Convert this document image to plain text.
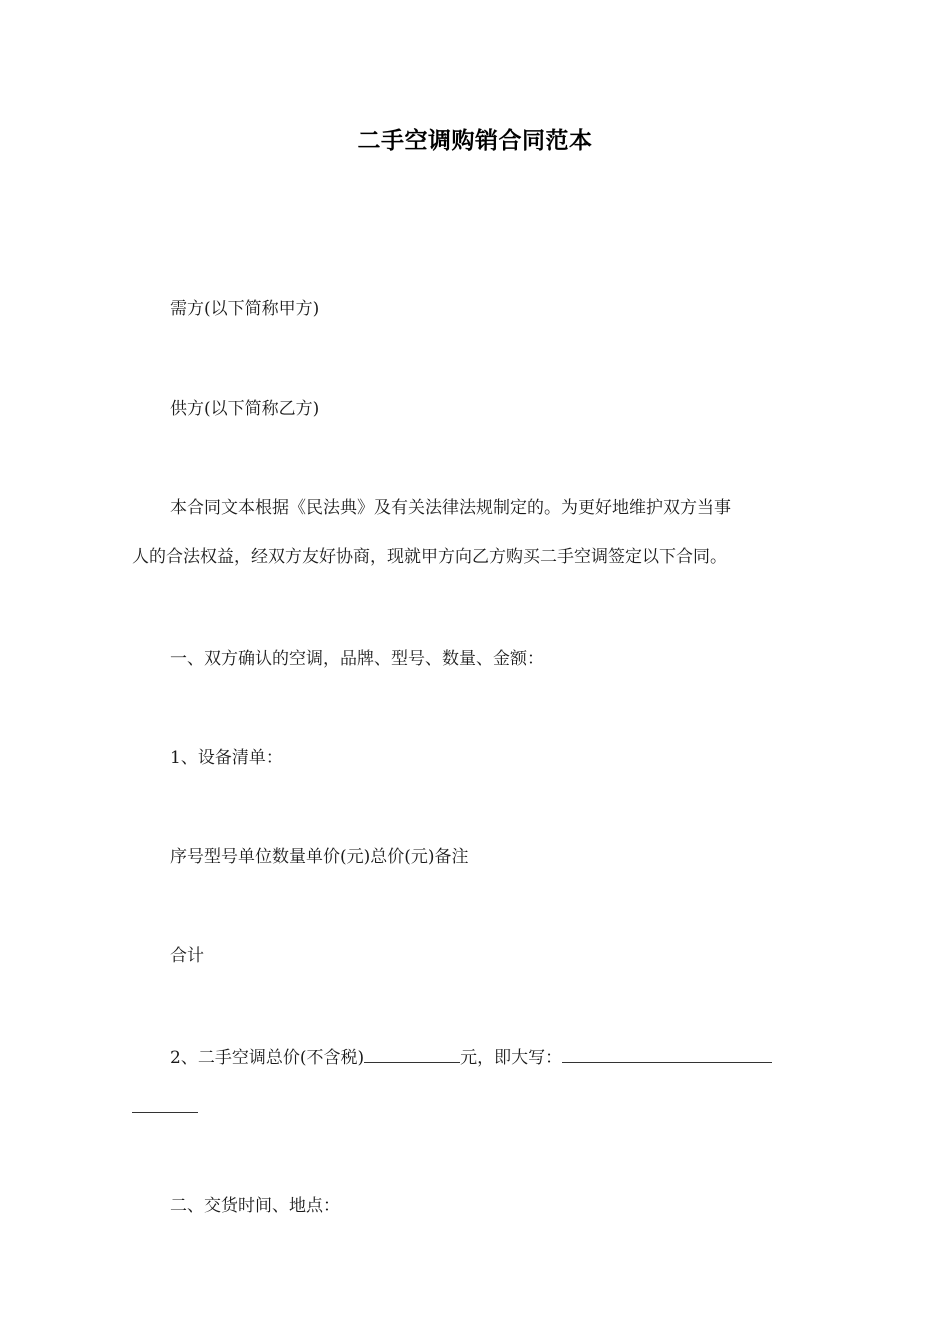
二手空调购销合同范本
需方(以下简称甲方)
供方(以下简称乙方)
本合同文本根据《民法典》及有关法律法规制定的。为更好地维护双方当事
人的合法权益，经双方友好协商，现就甲方向乙方购买二手空调签定以下合同。
一、双方确认的空调，品牌、型号、数量、金额：
1、设备清单：
序号型号单位数量单价(元)总价(元)备注
合计
2、二手空调总价(不含税)	元，即大写：
二、交货时间、地点：
